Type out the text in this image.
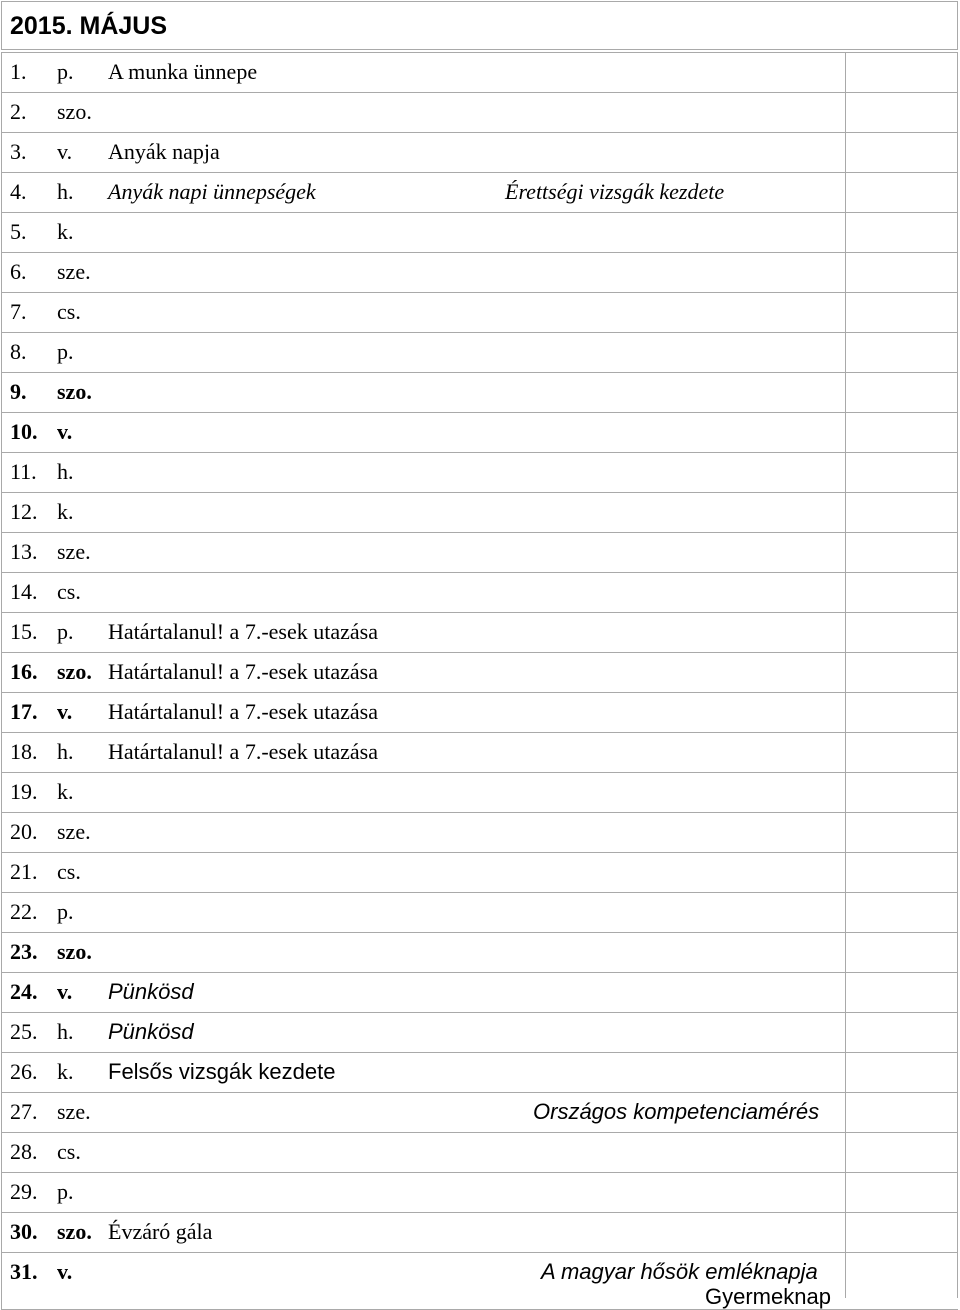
2015. MÁJUS
1. p. A munka ünnepe
2. szo.
3. v. Anyák napja
4. h. Anyák napi ünnepségek	Érettségi vizsgák kezdete
5. k.
6. sze.
7. cs.
8. p.
9. szo.
10. v.
11. h.
12. k.
13. sze.
14. cs.
15. p. Határtalanul! a 7.-esek utazása
16. szo. Határtalanul! a 7.-esek utazása
17. v. Határtalanul! a 7.-esek utazása
18. h. Határtalanul! a 7.-esek utazása
19. k.
20. sze.
21. cs.
22. p.
23. szo.
24. v. Pünkösd
25. h. Pünkösd
26. k. Felsős vizsgák kezdete
27. sze.	Országos kompetenciamérés
28. cs.
29. p.
30. szo. Évzáró gála
31. v.	A magyar hősök emléknapja
Gyermeknap
